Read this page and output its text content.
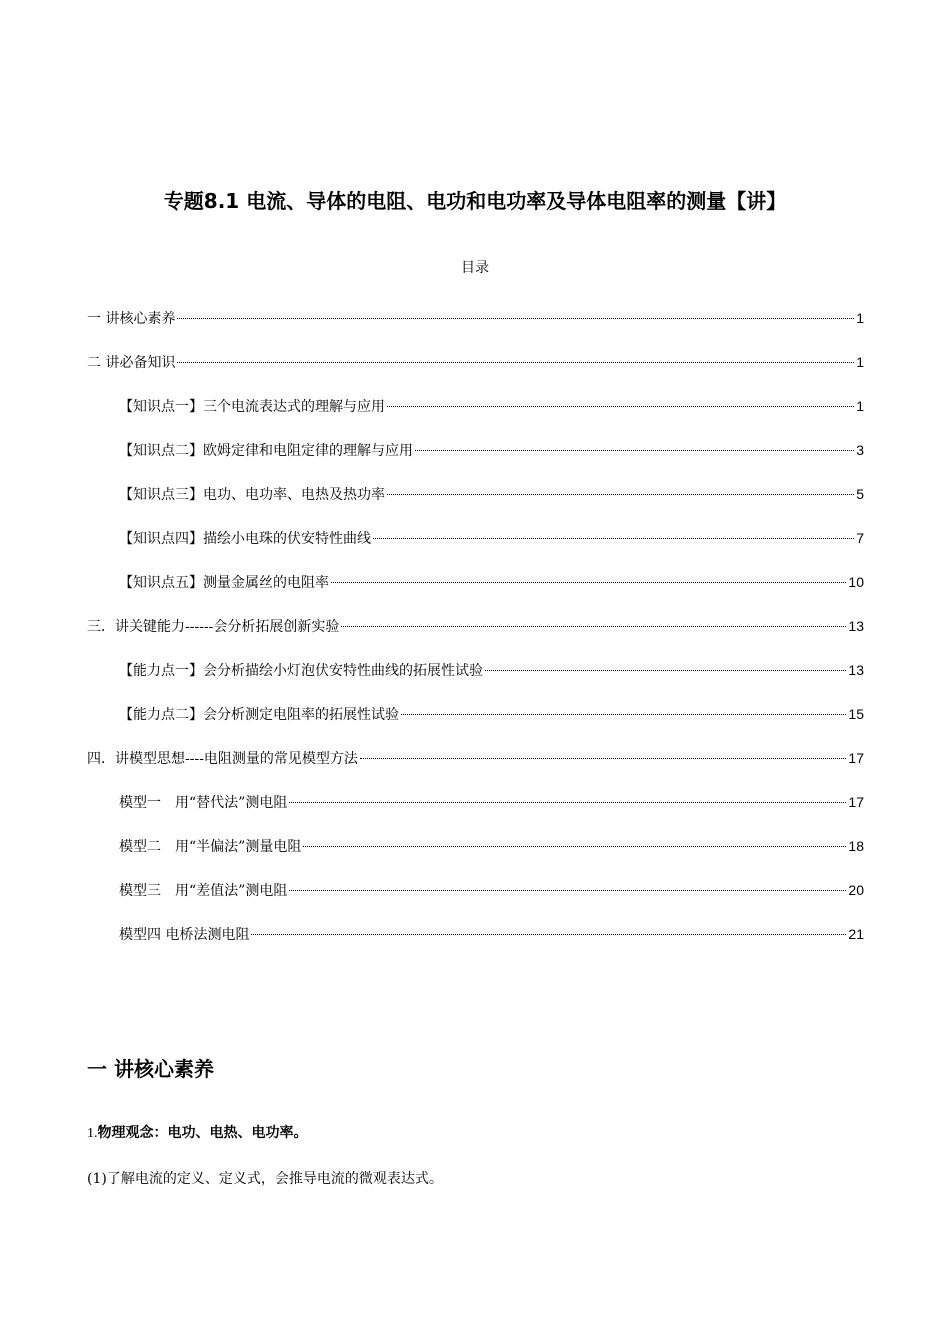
专题8.1 电流、导体的电阻、电功和电功率及导体电阻率的测量【讲】
目录
一 讲核心素养	1
二 讲必备知识	1
【知识点一】三个电流表达式的理解与应用	1
【知识点二】欧姆定律和电阻定律的理解与应用	3
【知识点三】电功、电功率、电热及热功率	5
【知识点四】描绘小电珠的伏安特性曲线	7
【知识点五】测量金属丝的电阻率	10
三．讲关键能力------会分析拓展创新实验	13
【能力点一】会分析描绘小灯泡伏安特性曲线的拓展性试验	13
【能力点二】会分析测定电阻率的拓展性试验	15
四．讲模型思想----电阻测量的常见模型方法	17
模型一　用“替代法”测电阻	17
模型二　用“半偏法”测量电阻	18
模型三　用“差值法”测电阻	20
模型四 电桥法测电阻	21
一 讲核心素养
1.物理观念：电功、电热、电功率。
(1)了解电流的定义、定义式，会推导电流的微观表达式。
